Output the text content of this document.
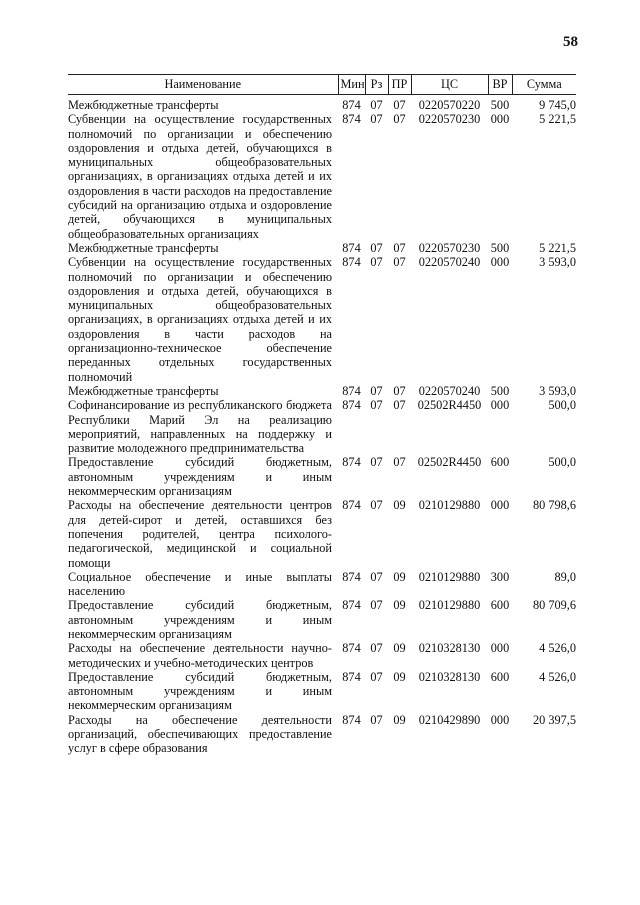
58
Наименование	Мин	Рз	ПР	ЦС	ВР	Сумма
Межбюджетные трансферты	874	07	07	0220570220	500	9 745,0
Субвенции на осуществление государственных полномочий по организации и обеспечению оздоровления и отдыха детей, обучающихся в муниципальных общеобразовательных организациях, в организациях отдыха детей и их оздоровления в части расходов на предоставление субсидий на организацию отдыха и оздоровление детей, обучающихся в муниципальных общеобразовательных организациях	874	07	07	0220570230	000	5 221,5
Межбюджетные трансферты	874	07	07	0220570230	500	5 221,5
Субвенции на осуществление государственных полномочий по организации и обеспечению оздоровления и отдыха детей, обучающихся в муниципальных общеобразовательных организациях, в организациях отдыха детей и их оздоровления в части расходов на организационно-техническое обеспечение переданных отдельных государственных полномочий	874	07	07	0220570240	000	3 593,0
Межбюджетные трансферты	874	07	07	0220570240	500	3 593,0
Софинансирование из республиканского бюджета Республики Марий Эл на реализацию мероприятий, направленных на поддержку и развитие молодежного предпринимательства	874	07	07	02502R4450	000	500,0
Предоставление субсидий бюджетным, автономным учреждениям и иным некоммерческим организациям	874	07	07	02502R4450	600	500,0
Расходы на обеспечение деятельности центров для детей-сирот и детей, оставшихся без попечения родителей, центра психолого-педагогической, медицинской и социальной помощи	874	07	09	0210129880	000	80 798,6
Социальное обеспечение и иные выплаты населению	874	07	09	0210129880	300	89,0
Предоставление субсидий бюджетным, автономным учреждениям и иным некоммерческим организациям	874	07	09	0210129880	600	80 709,6
Расходы на обеспечение деятельности научно-методических и учебно-методических центров	874	07	09	0210328130	000	4 526,0
Предоставление субсидий бюджетным, автономным учреждениям и иным некоммерческим организациям	874	07	09	0210328130	600	4 526,0
Расходы на обеспечение деятельности организаций, обеспечивающих предоставление услуг в сфере образования	874	07	09	0210429890	000	20 397,5
